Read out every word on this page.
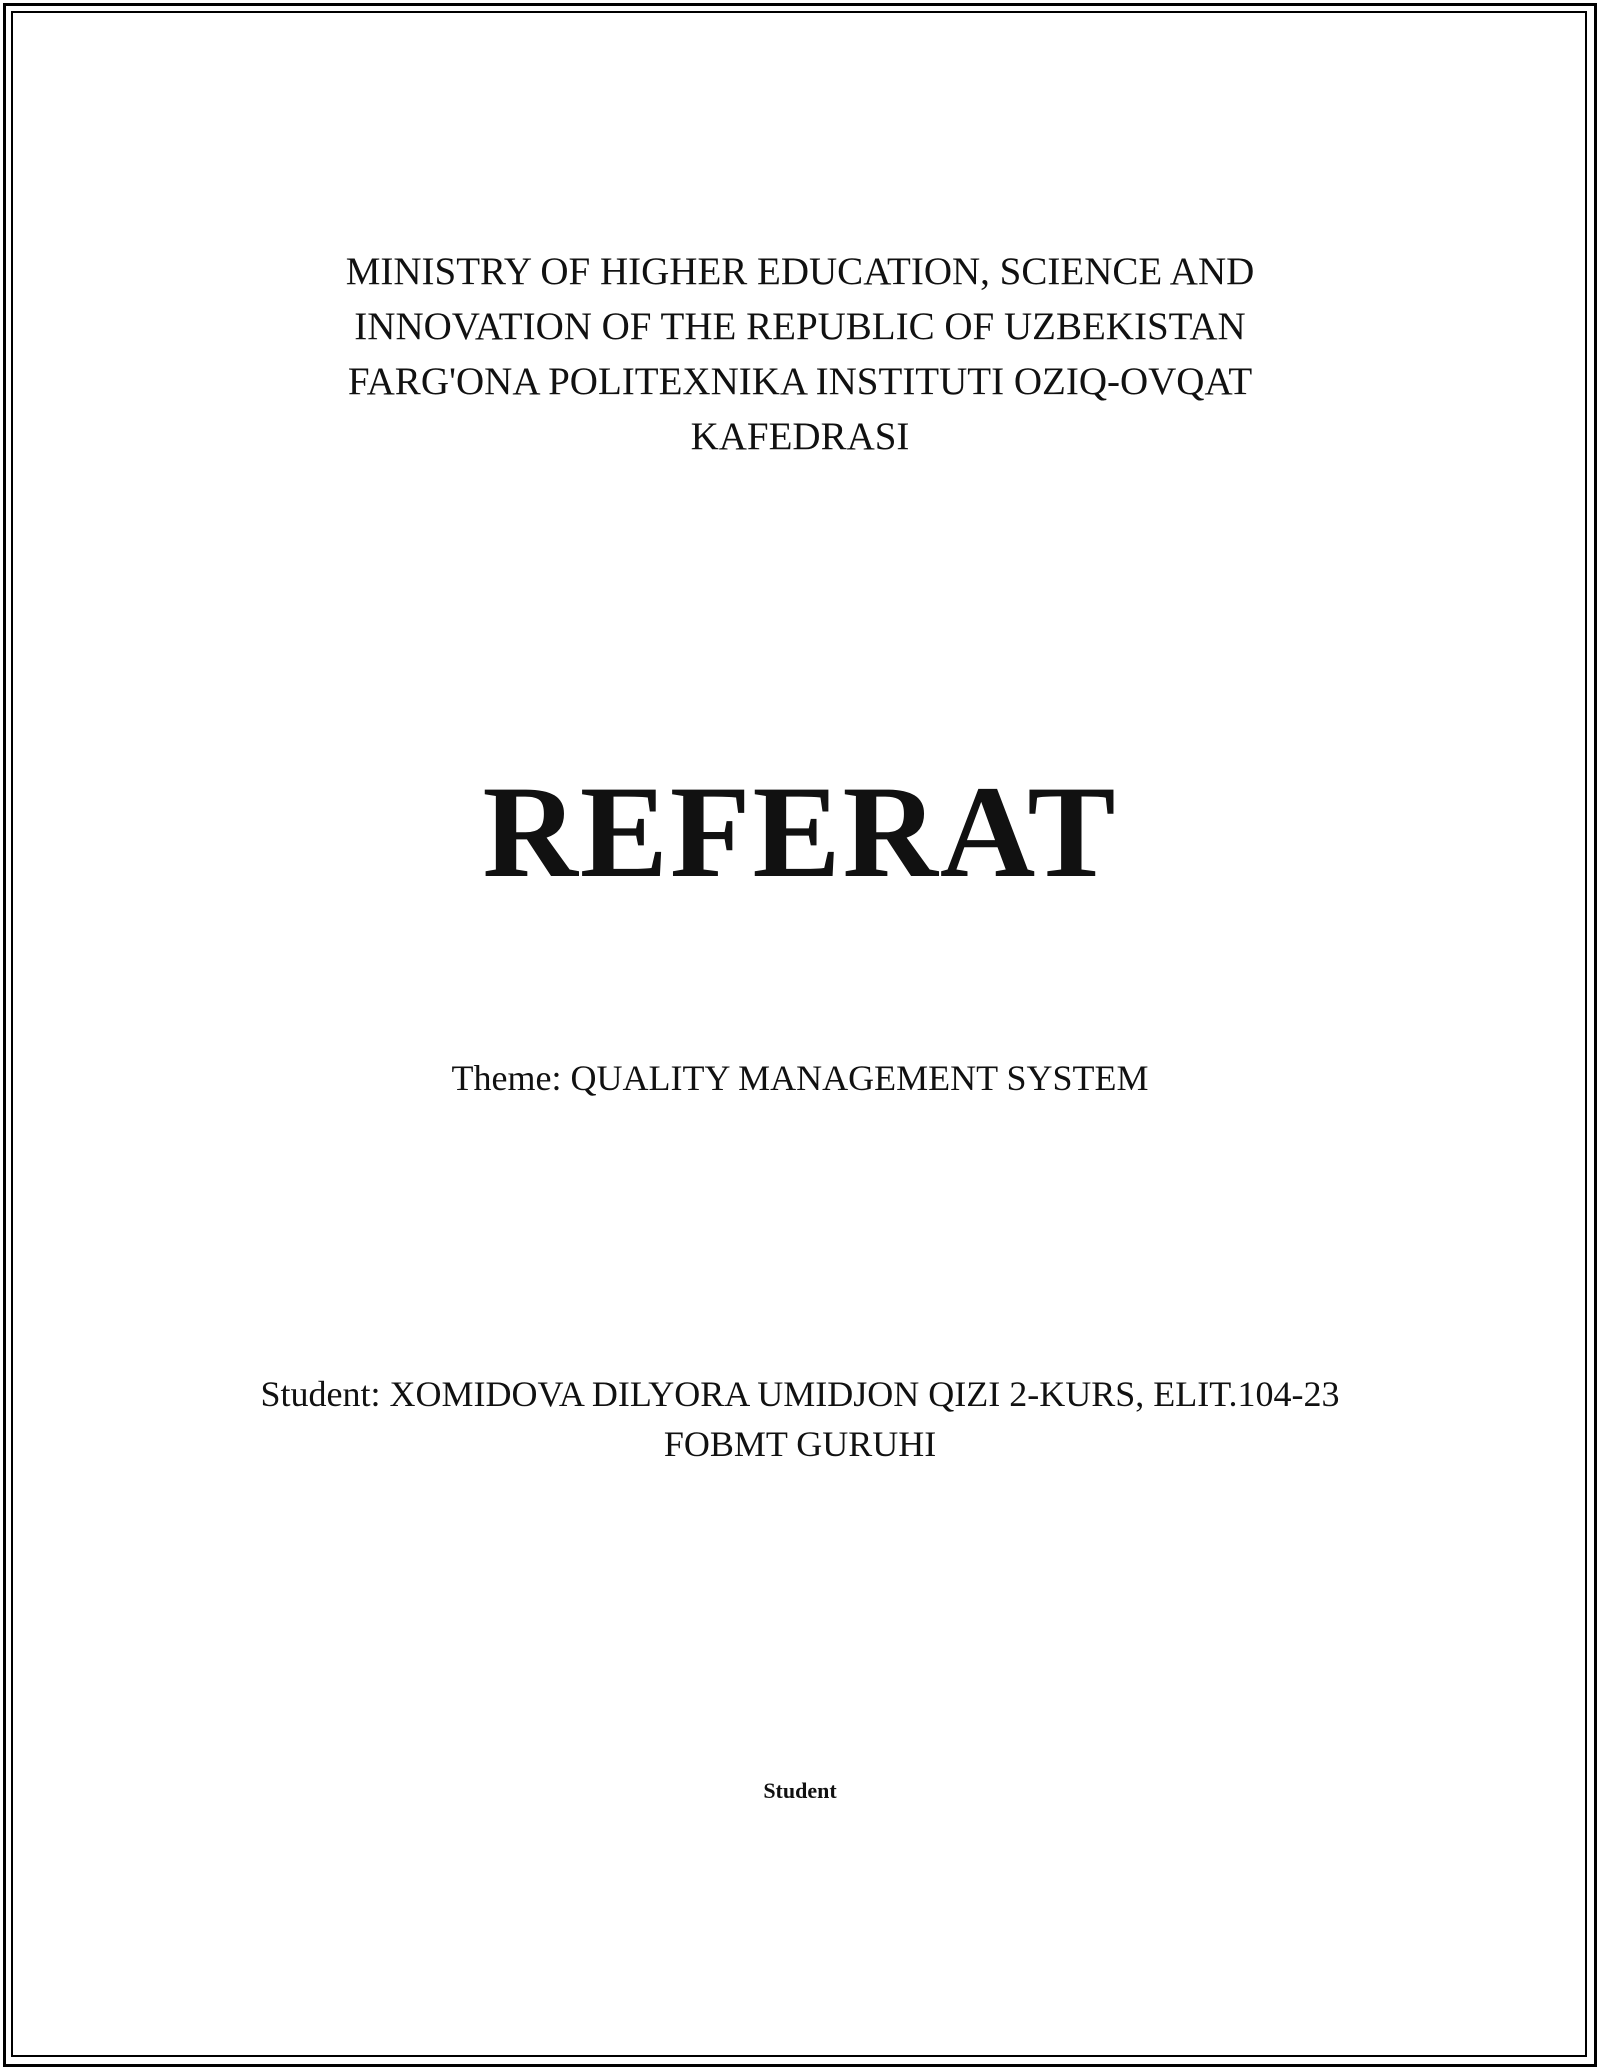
MINISTRY OF HIGHER EDUCATION, SCIENCE AND
INNOVATION OF THE REPUBLIC OF UZBEKISTAN
FARG'ONA POLITEXNIKA INSTITUTI OZIQ-OVQAT
KAFEDRASI
REFERAT
Theme: QUALITY MANAGEMENT SYSTEM
Student: XOMIDOVA DILYORA UMIDJON QIZI 2-KURS, ELIT.104-23
FOBMT GURUHI
Student
